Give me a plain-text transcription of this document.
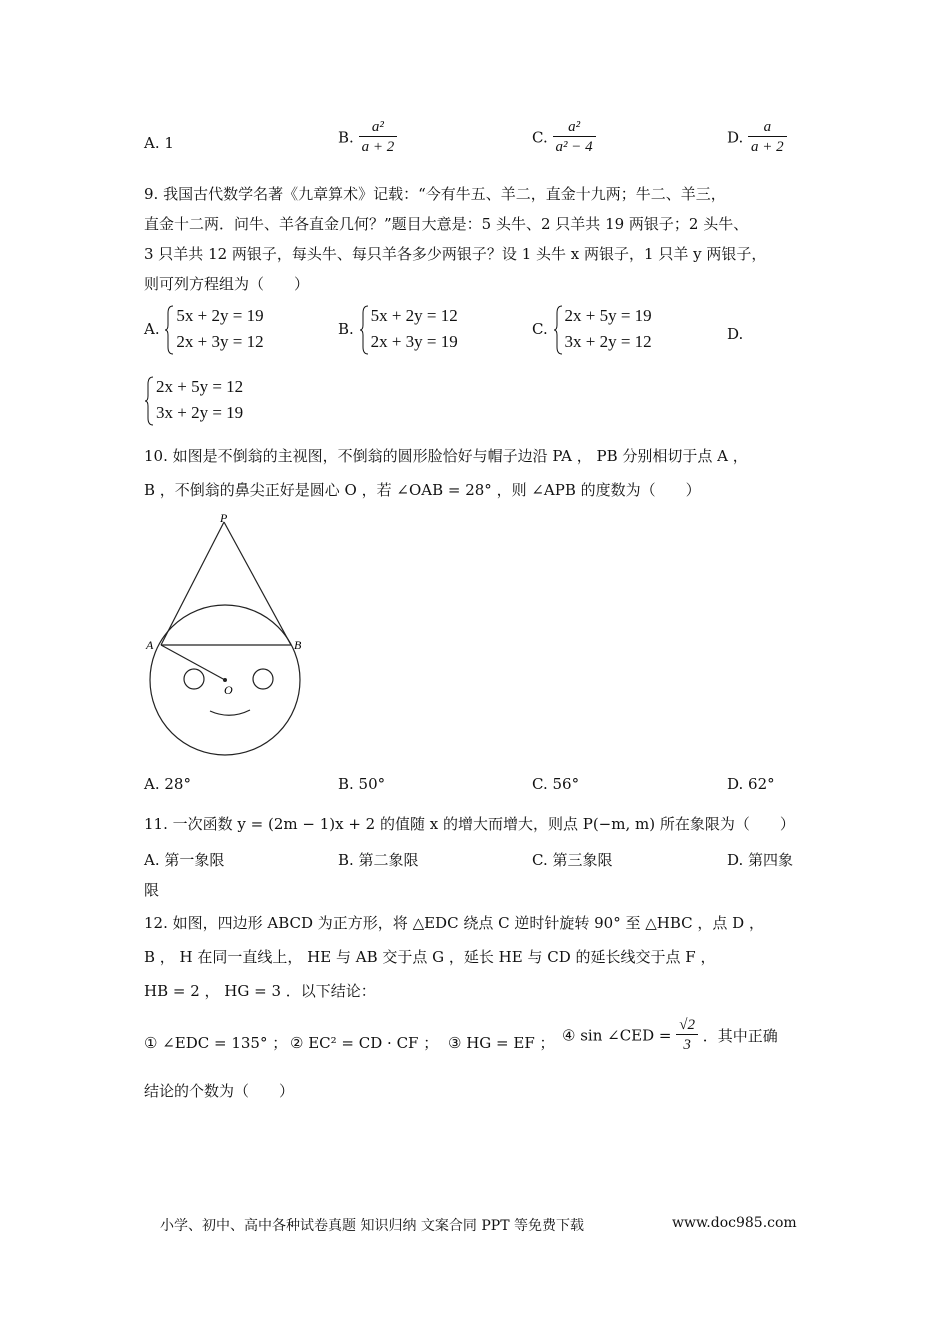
A. 1	B. $\frac{\text{a²}}{a + 2}$	C. $\frac{\text{a²}}{\text{a² − 4}}$	D. $\frac{a}{a + 2}$
9. 我国古代数学名著《九章算术》记载：“今有牛五、羊二，直金十九两；牛二、羊三，
直金十二两．问牛、羊各直金几何？”题目大意是：5 头牛、2 只羊共 19 两银子；2 头牛、
3 只羊共 12 两银子，每头牛、每只羊各多少两银子？设 1 头牛 x 两银子，1 只羊 y 两银子，
则可列方程组为（　　）
A.
5x + 2y = 19
2x + 3y = 12
B.
5x + 2y = 12
2x + 3y = 19
C.
2x + 5y = 19
3x + 2y = 12	D.
2x + 5y = 12
3x + 2y = 19
10. 如图是不倒翁的主视图，不倒翁的圆形脸恰好与帽子边沿 PA ， PB 分别相切于点 A ，
B ，不倒翁的鼻尖正好是圆心 O ，若 ∠OAB = 28° ，则 ∠APB 的度数为（　　）
P
A	B
O
A. 28°	B. 50°	C. 56°	D. 62°
11. 一次函数 y = (2m − 1)x + 2 的值随 x 的增大而增大，则点 P(−m, m) 所在象限为（　　）
A. 第一象限	B. 第二象限	C. 第三象限	D. 第四象
限
12. 如图，四边形 ABCD 为正方形，将 △EDC 绕点 C 逆时针旋转 90° 至 △HBC ，点 D ，
B ， H 在同一直线上， HE 与 AB 交于点 G ，延长 HE 与 CD 的延长线交于点 F ，
HB = 2 ， HG = 3 ．以下结论：
① ∠EDC = 135° ； ② EC² = CD · CF ； ③ HG = EF ； ④ sin ∠CED = $\frac{√2}{3}$ ．其中正确
结论的个数为（　　）
小学、初中、高中各种试卷真题 知识归纳 文案合同 PPT 等免费下载	www.doc985.com
